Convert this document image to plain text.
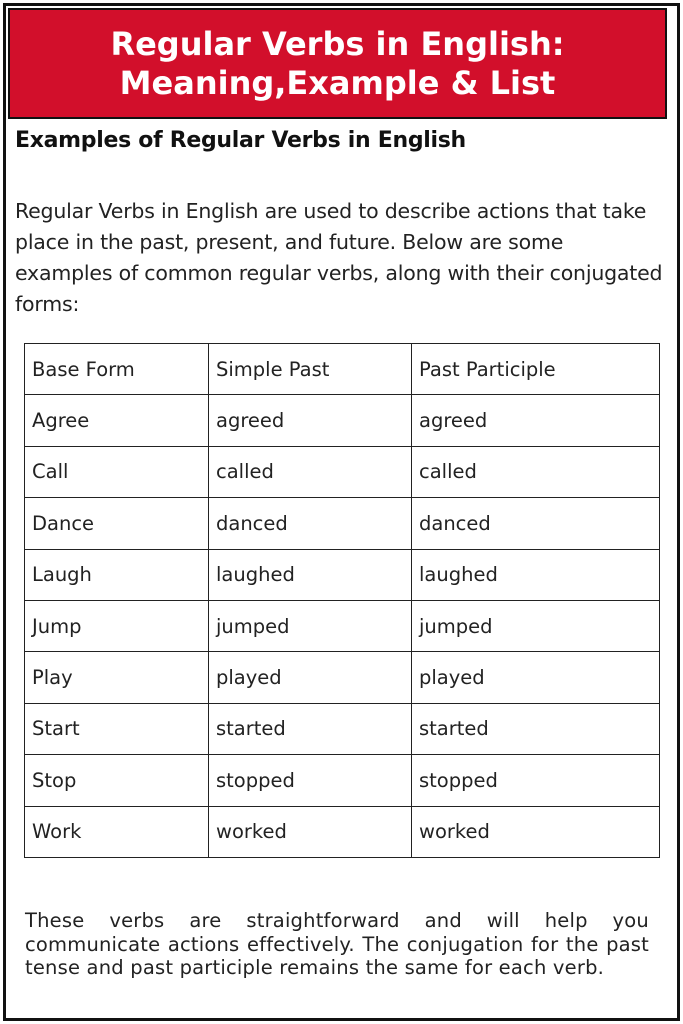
Regular Verbs in English:
Meaning,Example & List
Examples of Regular Verbs in English

Regular Verbs in English are used to describe actions that take place in the past, present, and future. Below are some examples of common regular verbs, along with their conjugated forms:

Base Form	Simple Past	Past Participle
Agree	agreed	agreed
Call	called	called
Dance	danced	danced
Laugh	laughed	laughed
Jump	jumped	jumped
Play	played	played
Start	started	started
Stop	stopped	stopped
Work	worked	worked

These verbs are straightforward and will help you communicate actions effectively. The conjugation for the past tense and past participle remains the same for each verb.
